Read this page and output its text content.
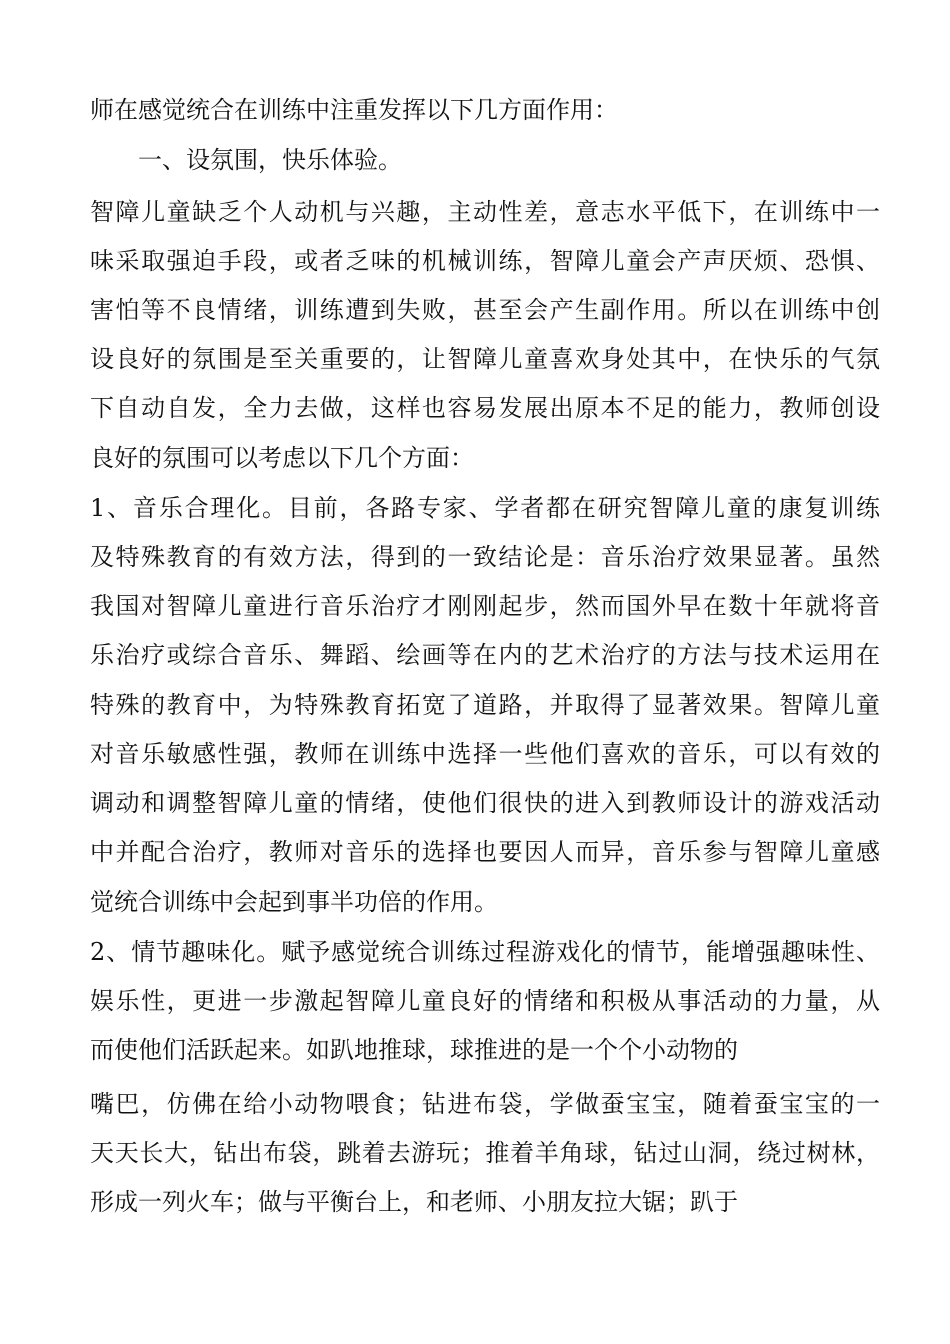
师在感觉统合在训练中注重发挥以下几方面作用：
一、设氛围，快乐体验。
智障儿童缺乏个人动机与兴趣，主动性差，意志水平低下，在训练中一
味采取强迫手段，或者乏味的机械训练，智障儿童会产声厌烦、恐惧、
害怕等不良情绪，训练遭到失败，甚至会产生副作用。所以在训练中创
设良好的氛围是至关重要的，让智障儿童喜欢身处其中，在快乐的气氛
下自动自发，全力去做，这样也容易发展出原本不足的能力，教师创设
良好的氛围可以考虑以下几个方面：
1、音乐合理化。目前，各路专家、学者都在研究智障儿童的康复训练
及特殊教育的有效方法，得到的一致结论是：音乐治疗效果显著。虽然
我国对智障儿童进行音乐治疗才刚刚起步，然而国外早在数十年就将音
乐治疗或综合音乐、舞蹈、绘画等在内的艺术治疗的方法与技术运用在
特殊的教育中，为特殊教育拓宽了道路，并取得了显著效果。智障儿童
对音乐敏感性强，教师在训练中选择一些他们喜欢的音乐，可以有效的
调动和调整智障儿童的情绪，使他们很快的进入到教师设计的游戏活动
中并配合治疗，教师对音乐的选择也要因人而异，音乐参与智障儿童感
觉统合训练中会起到事半功倍的作用。
2、情节趣味化。赋予感觉统合训练过程游戏化的情节，能增强趣味性、
娱乐性，更进一步激起智障儿童良好的情绪和积极从事活动的力量，从
而使他们活跃起来。如趴地推球，球推进的是一个个小动物的
嘴巴，仿佛在给小动物喂食；钻进布袋，学做蚕宝宝，随着蚕宝宝的一
天天长大，钻出布袋，跳着去游玩；推着羊角球，钻过山洞，绕过树林，
形成一列火车；做与平衡台上，和老师、小朋友拉大锯；趴于
